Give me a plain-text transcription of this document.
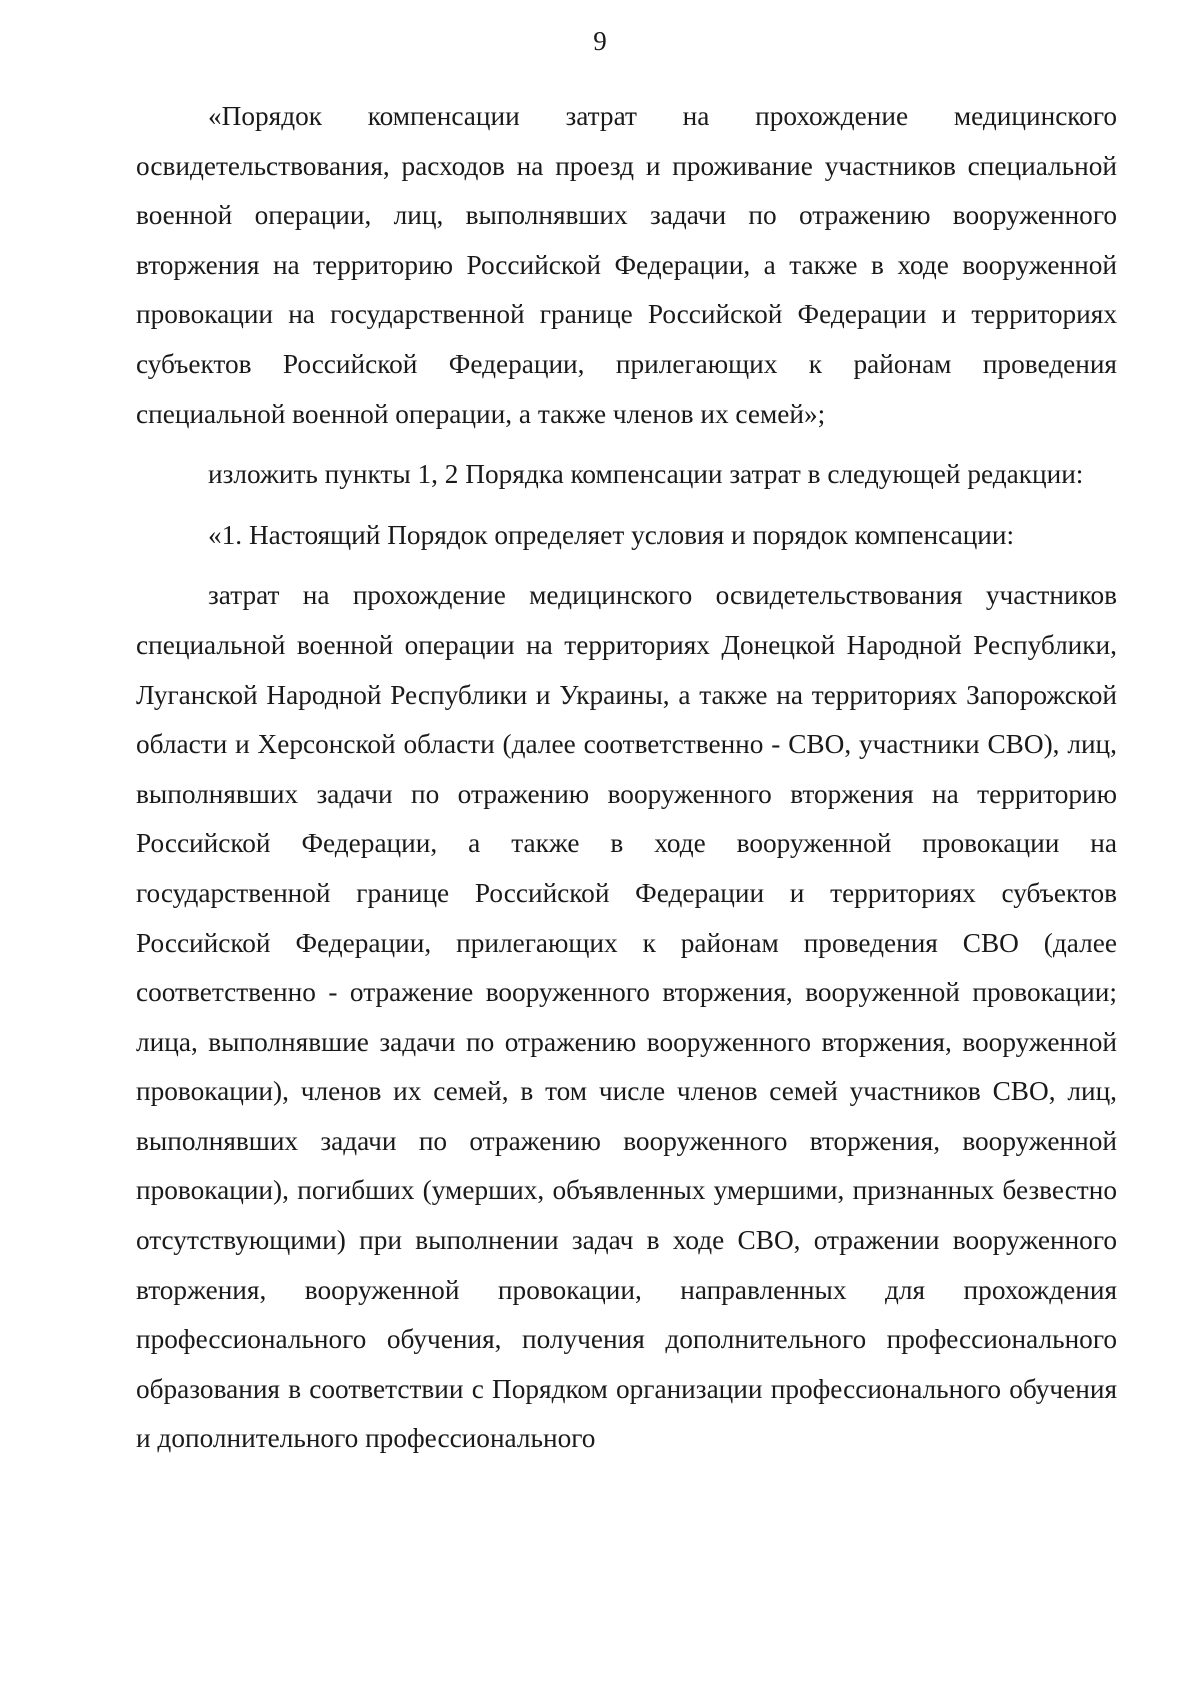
9

«Порядок компенсации затрат на прохождение медицинского освидетельствования, расходов на проезд и проживание участников специальной военной операции, лиц, выполнявших задачи по отражению вооруженного вторжения на территорию Российской Федерации, а также в ходе вооруженной провокации на государственной границе Российской Федерации и территориях субъектов Российской Федерации, прилегающих к районам проведения специальной военной операции, а также членов их семей»;

изложить пункты 1, 2 Порядка компенсации затрат в следующей редакции:

«1. Настоящий Порядок определяет условия и порядок компенсации:

затрат на прохождение медицинского освидетельствования участников специальной военной операции на территориях Донецкой Народной Республики, Луганской Народной Республики и Украины, а также на территориях Запорожской области и Херсонской области (далее соответственно - СВО, участники СВО), лиц, выполнявших задачи по отражению вооруженного вторжения на территорию Российской Федерации, а также в ходе вооруженной провокации на государственной границе Российской Федерации и территориях субъектов Российской Федерации, прилегающих к районам проведения СВО (далее соответственно - отражение вооруженного вторжения, вооруженной провокации; лица, выполнявшие задачи по отражению вооруженного вторжения, вооруженной провокации), членов их семей, в том числе членов семей участников СВО, лиц, выполнявших задачи по отражению вооруженного вторжения, вооруженной провокации), погибших (умерших, объявленных умершими, признанных безвестно отсутствующими) при выполнении задач в ходе СВО, отражении вооруженного вторжения, вооруженной провокации, направленных для прохождения профессионального обучения, получения дополнительного профессионального образования в соответствии с Порядком организации профессионального обучения и дополнительного профессионального
